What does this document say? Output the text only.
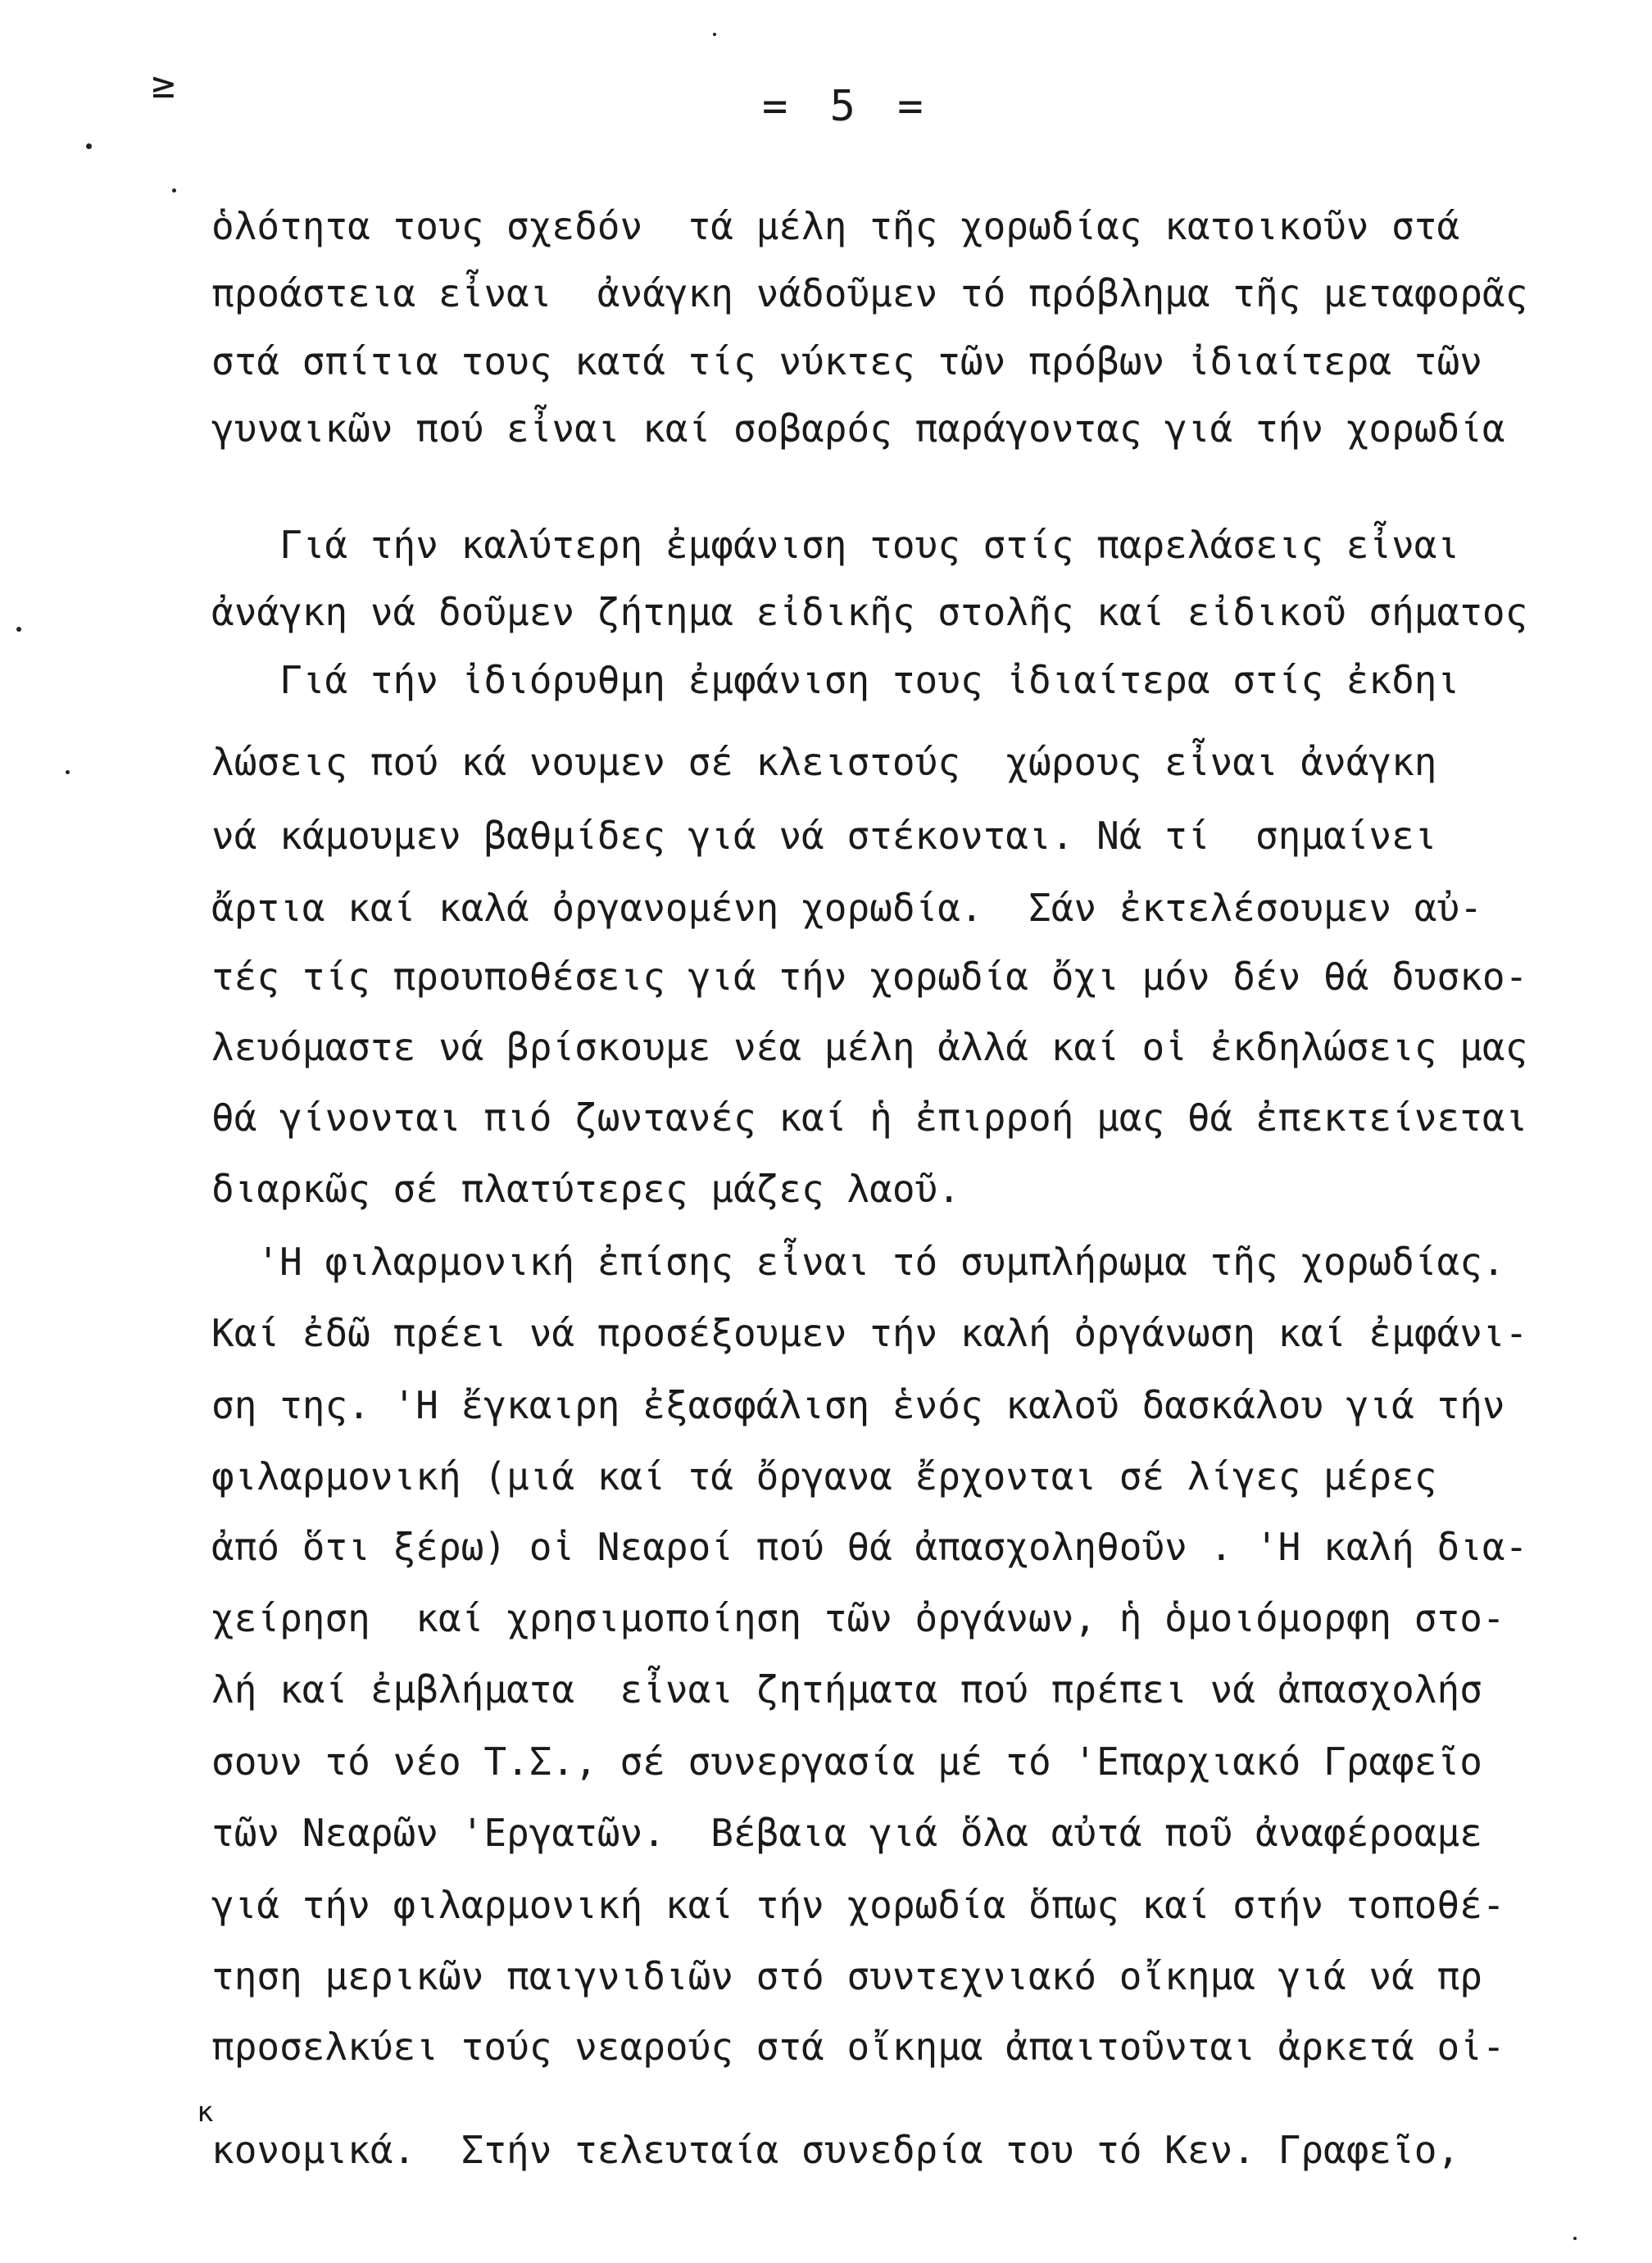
≥	= 5 =
ὁλότητα τους σχεδόν  τά μέλη τῆς χορωδίας κατοικοῦν στά
προάστεια εἶναι  ἀνάγκη νάδοῦμεν τό πρόβλημα τῆς μεταφορᾶς
στά σπίτια τους κατά τίς νύκτες τῶν πρόβων ἰδιαίτερα τῶν
γυναικῶν πού εἶναι καί σοβαρός παράγοντας γιά τήν χορωδία
Γιά τήν καλύτερη ἐμφάνιση τους στίς παρελάσεις εἶναι
ἀνάγκη νά δοῦμεν ζήτημα εἰδικῆς στολῆς καί εἰδικοῦ σήματος
Γιά τήν ἰδιόρυθμη ἐμφάνιση τους ἰδιαίτερα στίς ἐκδηι
λώσεις πού κά νουμεν σέ κλειστούς  χώρους εἶναι ἀνάγκη
νά κάμουμεν βαθμίδες γιά νά στέκονται. Νά τί  σημαίνει
ἄρτια καί καλά ὀργανομένη χορωδία.  Σάν ἐκτελέσουμεν αὐ-
τές τίς προυποθέσεις γιά τήν χορωδία ὄχι μόν δέν θά δυσκο-
λευόμαστε νά βρίσκουμε νέα μέλη ἀλλά καί οἱ ἐκδηλώσεις μας
θά γίνονται πιό ζωντανές καί ἡ ἐπιρροή μας θά ἐπεκτείνεται
διαρκῶς σέ πλατύτερες μάζες λαοῦ.
'Η φιλαρμονική ἐπίσης εἶναι τό συμπλήρωμα τῆς χορωδίας.
Καί ἐδῶ πρέει νά προσέξουμεν τήν καλή ὀργάνωση καί ἐμφάνι-
ση της. 'Η ἔγκαιρη ἐξασφάλιση ἑνός καλοῦ δασκάλου γιά τήν
φιλαρμονική (μιά καί τά ὄργανα ἔρχονται σέ λίγες μέρες
ἀπό ὅτι ξέρω) οἱ Νεαροί πού θά ἀπασχοληθοῦν . 'Η καλή δια-
χείρηση  καί χρησιμοποίηση τῶν ὀργάνων, ἡ ὁμοιόμορφη στο-
λή καί ἐμβλήματα  εἶναι ζητήματα πού πρέπει νά ἀπασχολήσ
σουν τό νέο Τ.Σ., σέ συνεργασία μέ τό 'Επαρχιακό Γραφεῖο
τῶν Νεαρῶν 'Εργατῶν.  Βέβαια γιά ὅλα αὐτά ποῦ ἀναφέροαμε
γιά τήν φιλαρμονική καί τήν χορωδία ὅπως καί στήν τοποθέ-
τηση μερικῶν παιγνιδιῶν στό συντεχνιακό οἴκημα γιά νά πρ
προσελκύει τούς νεαρούς στά οἴκημα ἀπαιτοῦνται ἀρκετά οἰ-
κ
κονομικά.  Στήν τελευταία συνεδρία του τό Κεν. Γραφεῖο,
